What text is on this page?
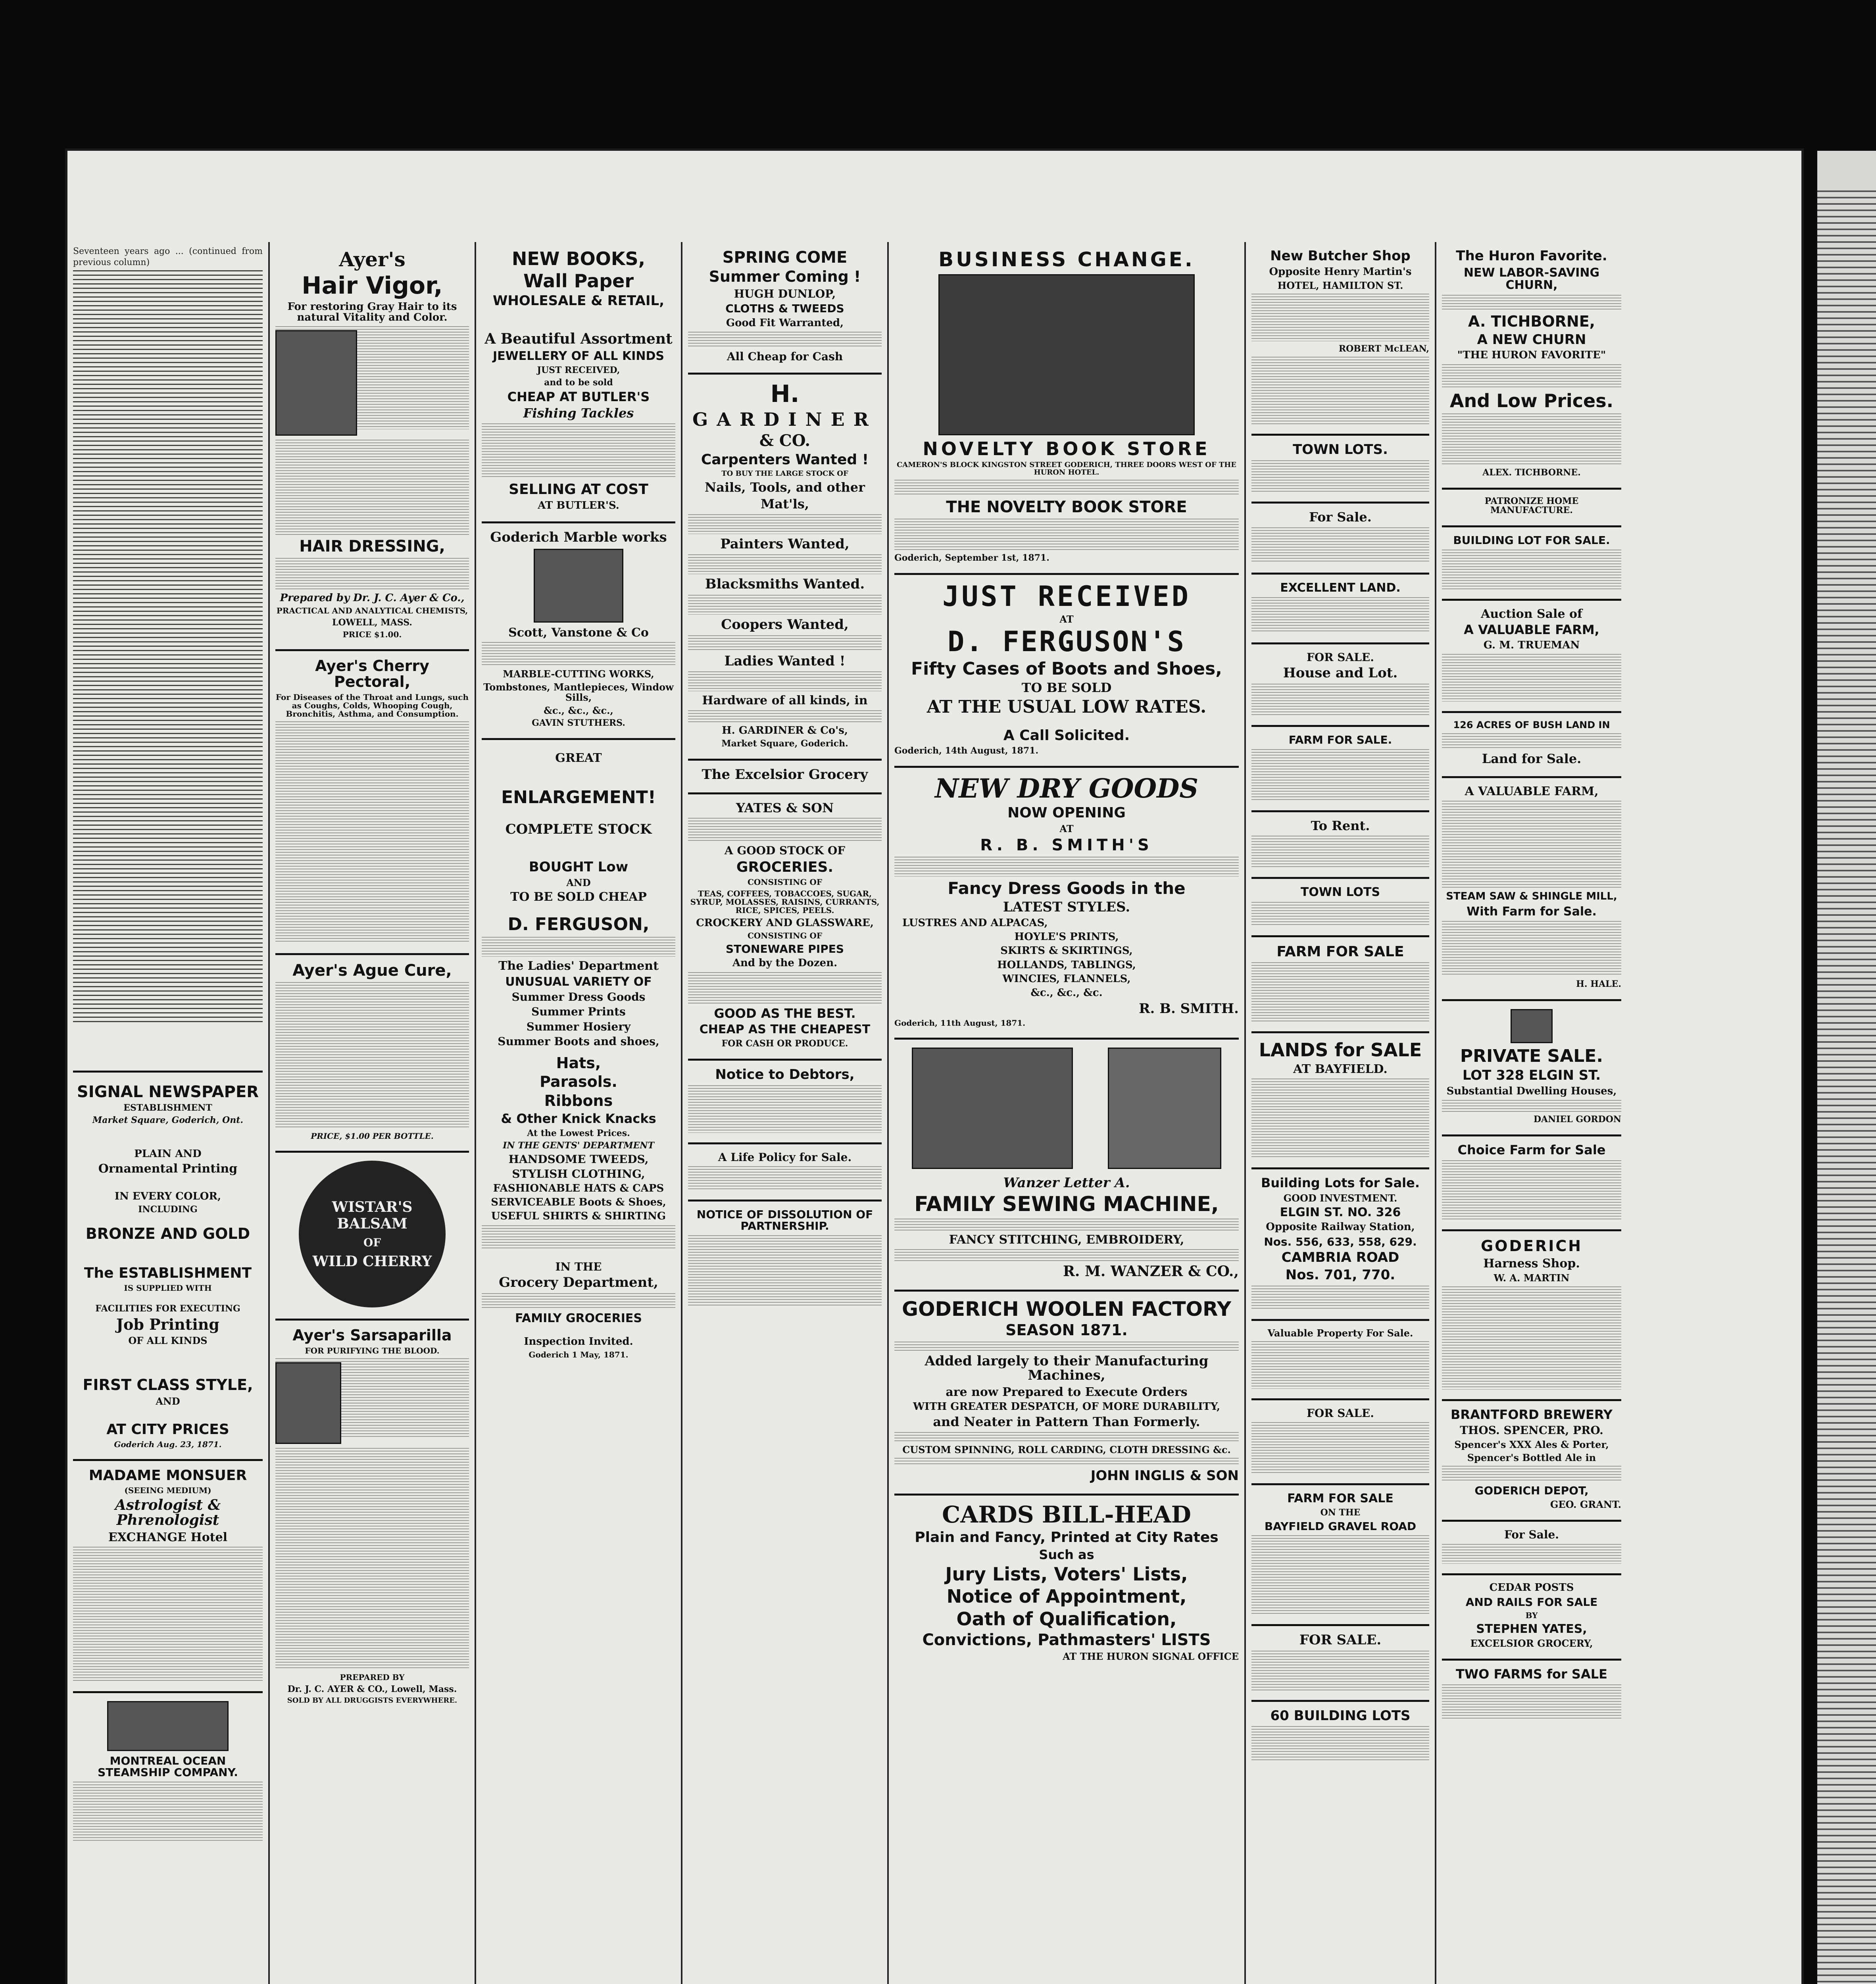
Seventeen years ago ... (continued from previous column)
SIGNAL NEWSPAPER
ESTABLISHMENT
Market Square, Goderich, Ont.
PLAIN AND
Ornamental Printing
IN EVERY COLOR,
INCLUDING
BRONZE AND GOLD
The ESTABLISHMENT
IS SUPPLIED WITH
FACILITIES FOR EXECUTING
Job Printing
OF ALL KINDS
FIRST CLASS STYLE,
AND
AT CITY PRICES
Goderich Aug. 23, 1871.
MADAME MONSUER
(SEEING MEDIUM)
Astrologist & Phrenologist
EXCHANGE Hotel
MONTREAL OCEAN STEAMSHIP COMPANY.
Ayer's
Hair Vigor,
For restoring Gray Hair to its natural Vitality and Color.
HAIR DRESSING,
Prepared by Dr. J. C. Ayer & Co.,
PRACTICAL AND ANALYTICAL CHEMISTS,
LOWELL, MASS.
PRICE $1.00.
Ayer's Cherry Pectoral,
For Diseases of the Throat and Lungs, such as Coughs, Colds, Whooping Cough, Bronchitis, Asthma, and Consumption.
Ayer's Ague Cure,
PRICE, $1.00 PER BOTTLE.
WISTAR'S BALSAM
OF
WILD CHERRY
Ayer's Sarsaparilla
FOR PURIFYING THE BLOOD.
PREPARED BY
Dr. J. C. AYER & CO., Lowell, Mass.
SOLD BY ALL DRUGGISTS EVERYWHERE.
NEW BOOKS,
Wall Paper
WHOLESALE & RETAIL,
A Beautiful Assortment
JEWELLERY OF ALL KINDS
JUST RECEIVED,
and to be sold
CHEAP AT BUTLER'S
Fishing Tackles
SELLING AT COST
AT BUTLER'S.
Goderich Marble works
Scott, Vanstone & Co
MARBLE-CUTTING WORKS,
Tombstones, Mantlepieces, Window Sills,
&c., &c., &c.,
GAVIN STUTHERS.
GREAT
ENLARGEMENT!
COMPLETE STOCK
BOUGHT Low
AND
TO BE SOLD CHEAP
D. FERGUSON,
The Ladies' Department
UNUSUAL VARIETY OF
Summer Dress Goods
Summer Prints
Summer Hosiery
Summer Boots and shoes,
Hats,
Parasols.
Ribbons
& Other Knick Knacks
At the Lowest Prices.
IN THE GENTS' DEPARTMENT
HANDSOME TWEEDS,
STYLISH CLOTHING,
FASHIONABLE HATS & CAPS
SERVICEABLE Boots & Shoes,
USEFUL SHIRTS & SHIRTING
IN THE
Grocery Department,
FAMILY GROCERIES
Inspection Invited.
Goderich 1 May, 1871.
SPRING COME
Summer Coming !
HUGH DUNLOP,
CLOTHS & TWEEDS
Good Fit Warranted,
All Cheap for Cash
H.
GARDINER
& CO.
Carpenters Wanted !
TO BUY THE LARGE STOCK OF
Nails, Tools, and other
Mat'ls,
Painters Wanted,
Blacksmiths Wanted.
Coopers Wanted,
Ladies Wanted !
Hardware of all kinds, in
H. GARDINER & Co's,
Market Square, Goderich.
The Excelsior Grocery
YATES & SON
A GOOD STOCK OF
GROCERIES.
CONSISTING OF
TEAS, COFFEES, TOBACCOES, SUGAR, SYRUP, MOLASSES, RAISINS, CURRANTS, RICE, SPICES, PEELS.
CROCKERY AND GLASSWARE,
CONSISTING OF
STONEWARE PIPES
And by the Dozen.
GOOD AS THE BEST.
CHEAP AS THE CHEAPEST
FOR CASH OR PRODUCE.
Notice to Debtors,
A Life Policy for Sale.
NOTICE OF DISSOLUTION OF PARTNERSHIP.
BUSINESS CHANGE.
NOVELTY BOOK STORE
CAMERON'S BLOCK KINGSTON STREET GODERICH, THREE DOORS WEST OF THE HURON HOTEL.
THE NOVELTY BOOK STORE
Goderich, September 1st, 1871.
JUST RECEIVED
AT
D. FERGUSON'S
Fifty Cases of Boots and Shoes,
TO BE SOLD
AT THE USUAL LOW RATES.
A Call Solicited.
Goderich, 14th August, 1871.
NEW DRY GOODS
NOW OPENING
AT
R. B. SMITH'S
Fancy Dress Goods in the
LATEST STYLES.
LUSTRES AND ALPACAS,
HOYLE'S PRINTS,
SKIRTS & SKIRTINGS,
HOLLANDS, TABLINGS,
WINCIES, FLANNELS,
&c., &c., &c.
R. B. SMITH.
Goderich, 11th August, 1871.
Wanzer Letter A.
FAMILY SEWING MACHINE,
FANCY STITCHING, EMBROIDERY,
R. M. WANZER & CO.,
GODERICH WOOLEN FACTORY
SEASON 1871.
Added largely to their Manufacturing Machines,
are now Prepared to Execute Orders
WITH GREATER DESPATCH, OF MORE DURABILITY,
and Neater in Pattern Than Formerly.
CUSTOM SPINNING, ROLL CARDING, CLOTH DRESSING &c.
JOHN INGLIS & SON
CARDS BILL-HEAD
Plain and Fancy, Printed at City Rates
Such as
Jury Lists, Voters' Lists,
Notice of Appointment,
Oath of Qualification,
Convictions, Pathmasters' LISTS
AT THE HURON SIGNAL OFFICE
New Butcher Shop
Opposite Henry Martin's
HOTEL, HAMILTON ST.
ROBERT McLEAN,
TOWN LOTS.
For Sale.
EXCELLENT LAND.
FOR SALE.
House and Lot.
FARM FOR SALE.
To Rent.
TOWN LOTS
FARM FOR SALE
LANDS for SALE
AT BAYFIELD.
Building Lots for Sale.
GOOD INVESTMENT.
ELGIN ST. NO. 326
Opposite Railway Station,
Nos. 556, 633, 558, 629.
CAMBRIA ROAD
Nos. 701, 770.
Valuable Property For Sale.
FOR SALE.
FARM FOR SALE
ON THE
BAYFIELD GRAVEL ROAD
FOR SALE.
60 BUILDING LOTS
The Huron Favorite.
NEW LABOR-SAVING CHURN,
A. TICHBORNE,
A NEW CHURN
"THE HURON FAVORITE"
And Low Prices.
ALEX. TICHBORNE.
PATRONIZE HOME MANUFACTURE.
BUILDING LOT FOR SALE.
Auction Sale of
A VALUABLE FARM,
G. M. TRUEMAN
126 ACRES OF BUSH LAND IN
Land for Sale.
A VALUABLE FARM,
STEAM SAW & SHINGLE MILL,
With Farm for Sale.
H. HALE.
PRIVATE SALE.
LOT 328 ELGIN ST.
Substantial Dwelling Houses,
DANIEL GORDON
Choice Farm for Sale
GODERICH
Harness Shop.
W. A. MARTIN
BRANTFORD BREWERY
THOS. SPENCER, PRO.
Spencer's XXX Ales & Porter,
Spencer's Bottled Ale in
GODERICH DEPOT,
GEO. GRANT.
For Sale.
CEDAR POSTS
AND RAILS FOR SALE
BY
STEPHEN YATES,
EXCELSIOR GROCERY,
TWO FARMS for SALE
